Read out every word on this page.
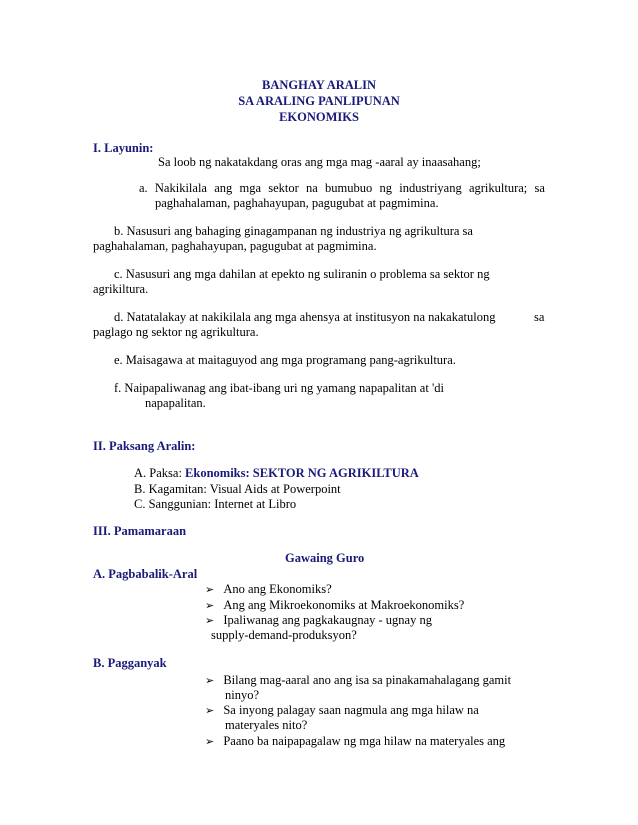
BANGHAY ARALIN
SA ARALING PANLIPUNAN
EKONOMIKS
I. Layunin:
Sa loob ng nakatakdang oras ang mga mag -aaral ay inaasahang;
a. Nakikilala ang mga sektor na bumubuo ng industriyang agrikultura; sa
paghahalaman, paghahayupan, pagugubat at pagmimina.
b. Nasusuri ang bahaging ginagampanan ng industriya ng agrikultura sa
paghahalaman, paghahayupan, pagugubat at pagmimina.
c. Nasusuri ang mga dahilan at epekto ng suliranin o problema sa sektor ng
agrikiltura.
d. Natatalakay at nakikilala ang mga ahensya at institusyon na nakakatulong	sa
paglago ng sektor ng agrikultura.
e. Maisagawa at maitaguyod ang mga programang pang-agrikultura.
f. Naipapaliwanag ang ibat-ibang uri ng yamang napapalitan at 'di
napapalitan.
II. Paksang Aralin:
A. Paksa: Ekonomiks: SEKTOR NG AGRIKILTURA
B. Kagamitan: Visual Aids at Powerpoint
C. Sanggunian: Internet at Libro
III. Pamamaraan
Gawaing Guro
A. Pagbabalik-Aral
➢ Ano ang Ekonomiks?
➢ Ang ang Mikroekonomiks at Makroekonomiks?
➢ Ipaliwanag ang pagkakaugnay - ugnay ng
supply-demand-produksyon?
B. Pagganyak
➢ Bilang mag-aaral ano ang isa sa pinakamahalagang gamit
ninyo?
➢ Sa inyong palagay saan nagmula ang mga hilaw na
materyales nito?
➢ Paano ba naipapagalaw ng mga hilaw na materyales ang
